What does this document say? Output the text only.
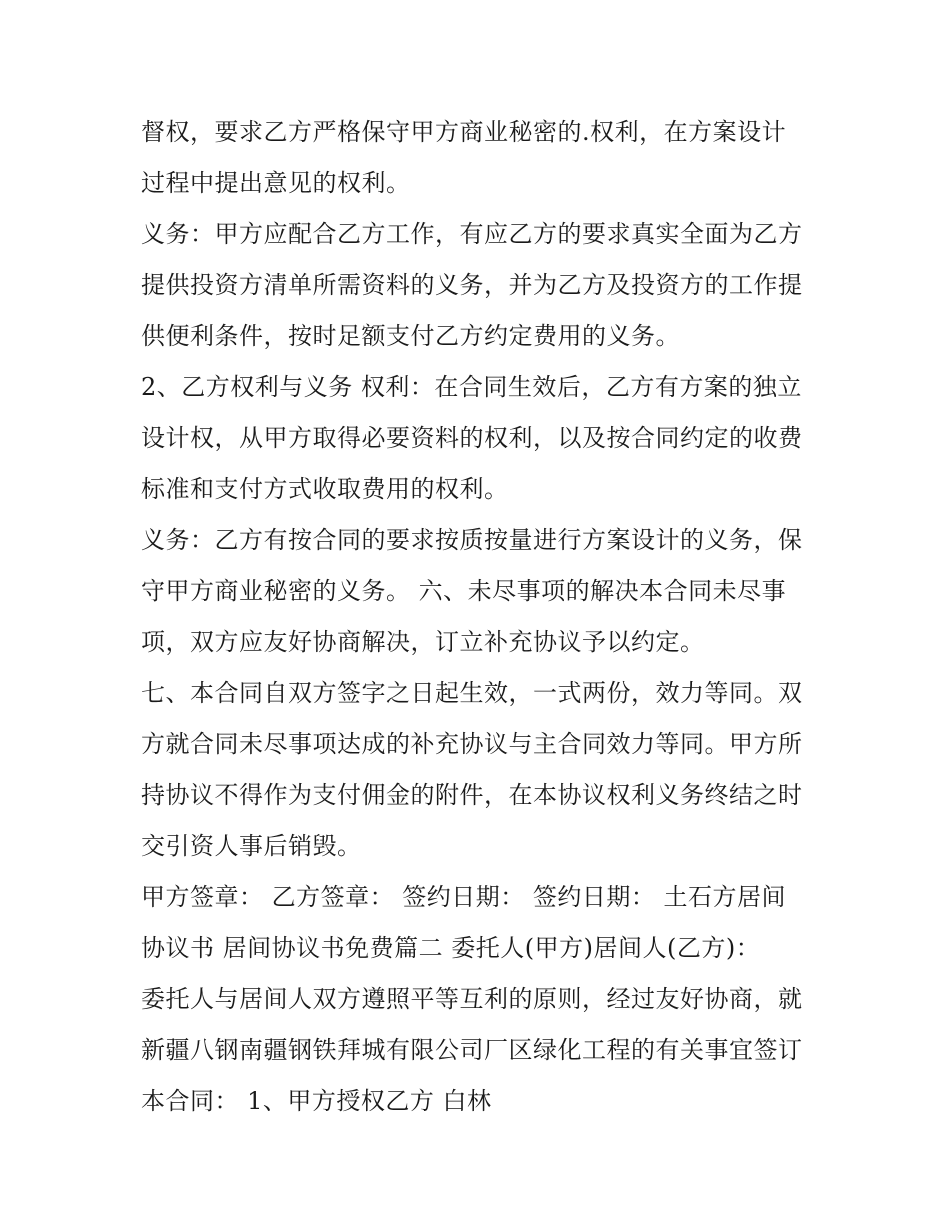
督权，要求乙方严格保守甲方商业秘密的.权利，在方案设计
过程中提出意见的权利。
义务：甲方应配合乙方工作，有应乙方的要求真实全面为乙方
提供投资方清单所需资料的义务，并为乙方及投资方的工作提
供便利条件，按时足额支付乙方约定费用的义务。
2、乙方权利与义务 权利：在合同生效后，乙方有方案的独立
设计权，从甲方取得必要资料的权利，以及按合同约定的收费
标准和支付方式收取费用的权利。
义务：乙方有按合同的要求按质按量进行方案设计的义务，保
守甲方商业秘密的义务。 六、未尽事项的解决本合同未尽事
项，双方应友好协商解决，订立补充协议予以约定。
七、本合同自双方签字之日起生效，一式两份，效力等同。双
方就合同未尽事项达成的补充协议与主合同效力等同。甲方所
持协议不得作为支付佣金的附件，在本协议权利义务终结之时
交引资人事后销毁。
甲方签章： 乙方签章： 签约日期： 签约日期： 土石方居间
协议书 居间协议书免费篇二 委托人(甲方)居间人(乙方)：
委托人与居间人双方遵照平等互利的原则，经过友好协商，就
新疆八钢南疆钢铁拜城有限公司厂区绿化工程的有关事宜签订
本合同： 1、甲方授权乙方 白林
